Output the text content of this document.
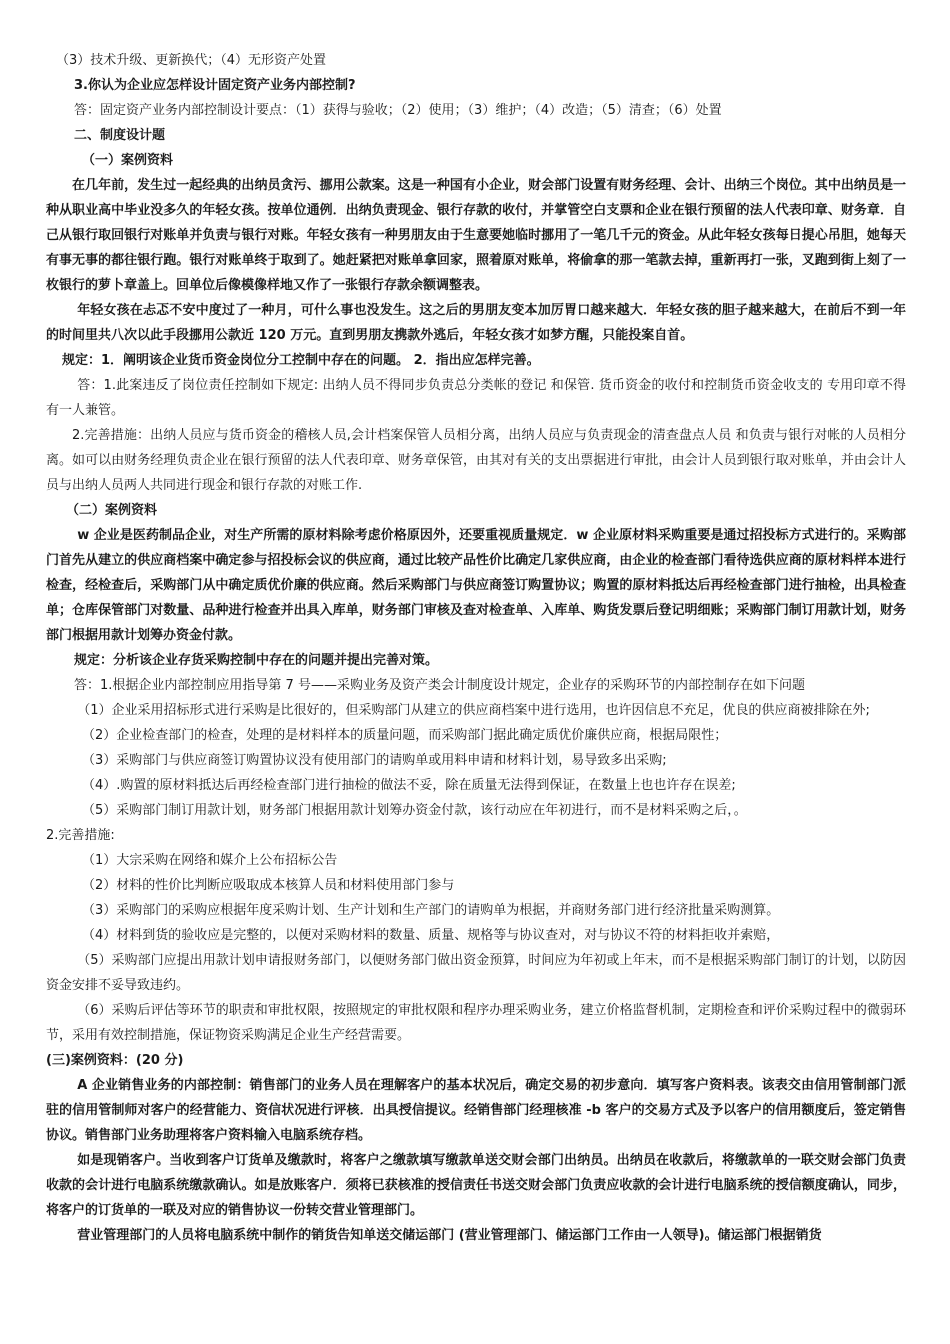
（3）技术升级、更新换代；（4）无形资产处置

3.你认为企业应怎样设计固定资产业务内部控制?

答：固定资产业务内部控制设计要点：（1）获得与验收；（2）使用；（3）维护；（4）改造；（5）清查；（6）处置

二、制度设计题

（一）案例资料

在几年前，发生过一起经典的出纳员贪污、挪用公款案。这是一种国有小企业，财会部门设置有财务经理、会计、出纳三个岗位。其中出纳员是一种从职业高中毕业没多久的年轻女孩。按单位通例．出纳负责现金、银行存款的收付，并掌管空白支票和企业在银行预留的法人代表印章、财务章．自己从银行取回银行对账单并负责与银行对账。年轻女孩有一种男朋友由于生意要她临时挪用了一笔几千元的资金。从此年轻女孩每日提心吊胆，她每天有事无事的都往银行跑。银行对账单终于取到了。她赶紧把对账单拿回家，照着原对账单，将偷拿的那一笔款去掉，重新再打一张，叉跑到街上刻了一枚银行的萝卜章盖上。回单位后像模像样地又作了一张银行存款余额调整表。

年轻女孩在忐忑不安中度过了一种月，可什么事也没发生。这之后的男朋友变本加厉胃口越来越大．年轻女孩的胆子越来越大，在前后不到一年的时间里共八次以此手段挪用公款近 120 万元。直到男朋友携款外逃后，年轻女孩才如梦方醒，只能投案自首。

规定：1．阐明该企业货币资金岗位分工控制中存在的问题。 2．指出应怎样完善。

答：1.此案违反了岗位责任控制如下规定: 出纳人员不得同步负责总分类帐的登记 和保管. 货币资金的收付和控制货币资金收支的 专用印章不得有一人兼管。

2.完善措施：出纳人员应与货币资金的稽核人员,会计档案保管人员相分离，出纳人员应与负责现金的清查盘点人员 和负责与银行对帐的人员相分离。如可以由财务经理负责企业在银行预留的法人代表印章、财务章保管，由其对有关的支出票据进行审批，由会计人员到银行取对账单，并由会计人员与出纳人员两人共同进行现金和银行存款的对账工作.

（二）案例资料

w 企业是医药制品企业，对生产所需的原材料除考虑价格原因外，还要重视质量规定．w 企业原材料采购重要是通过招投标方式进行的。采购部门首先从建立的供应商档案中确定参与招投标会议的供应商，通过比较产品性价比确定几家供应商，由企业的检查部门看待选供应商的原材料样本进行检查，经检查后，采购部门从中确定质优价廉的供应商。然后采购部门与供应商签订购置协议；购置的原材料抵达后再经检查部门进行抽检，出具检查单；仓库保管部门对数量、品种进行检查并出具入库单，财务部门审核及查对检查单、入库单、购货发票后登记明细账；采购部门制订用款计划，财务部门根据用款计划筹办资金付款。

规定：分析该企业存货采购控制中存在的问题并提出完善对策。

答：1.根据企业内部控制应用指导第 7 号——采购业务及资产类会计制度设计规定，企业存的采购环节的内部控制存在如下问题

（1）企业采用招标形式进行采购是比很好的，但采购部门从建立的供应商档案中进行选用，也许因信息不充足，优良的供应商被排除在外;

（2）企业检查部门的检查，处理的是材料样本的质量问题，而采购部门据此确定质优价廉供应商，根据局限性；

（3）采购部门与供应商签订购置协议没有使用部门的请购单或用料申请和材料计划，易导致多出采购;

（4）.购置的原材料抵达后再经检查部门进行抽检的做法不妥，除在质量无法得到保证，在数量上也也许存在误差;

（5）采购部门制订用款计划，财务部门根据用款计划筹办资金付款，该行动应在年初进行，而不是材料采购之后，。

2.完善措施:

（1）大宗采购在网络和媒介上公布招标公告

（2）材料的性价比判断应吸取成本核算人员和材料使用部门参与

（3）采购部门的采购应根据年度采购计划、生产计划和生产部门的请购单为根据，并商财务部门进行经济批量采购测算。

（4）材料到货的验收应是完整的，以便对采购材料的数量、质量、规格等与协议查对，对与协议不符的材料拒收并索赔，

（5）采购部门应提出用款计划申请报财务部门，以便财务部门做出资金预算，时间应为年初或上年末，而不是根据采购部门制订的计划，以防因资金安排不妥导致违约。

（6）采购后评估等环节的职责和审批权限，按照规定的审批权限和程序办理采购业务，建立价格监督机制，定期检查和评价采购过程中的微弱环节，采用有效控制措施，保证物资采购满足企业生产经营需要。

(三)案例资料：(20 分)

A 企业销售业务的内部控制：销售部门的业务人员在理解客户的基本状况后，确定交易的初步意向．填写客户资料表。该表交由信用管制部门派驻的信用管制师对客户的经营能力、资信状况进行评核．出具授信提议。经销售部门经理核准 -b 客户的交易方式及予以客户的信用额度后，签定销售协议。销售部门业务助理将客户资料输入电脑系统存档。

如是现销客户。当收到客户订货单及缴款时，将客户之缴款填写缴款单送交财会部门出纳员。出纳员在收款后，将缴款单的一联交财会部门负责收款的会计进行电脑系统缴款确认。如是放账客户．须将已获核准的授信责任书送交财会部门负责应收款的会计进行电脑系统的授信额度确认，同步，将客户的订货单的一联及对应的销售协议一份转交营业管理部门。

营业管理部门的人员将电脑系统中制作的销货告知单送交储运部门 (营业管理部门、储运部门工作由一人领导)。储运部门根据销货
